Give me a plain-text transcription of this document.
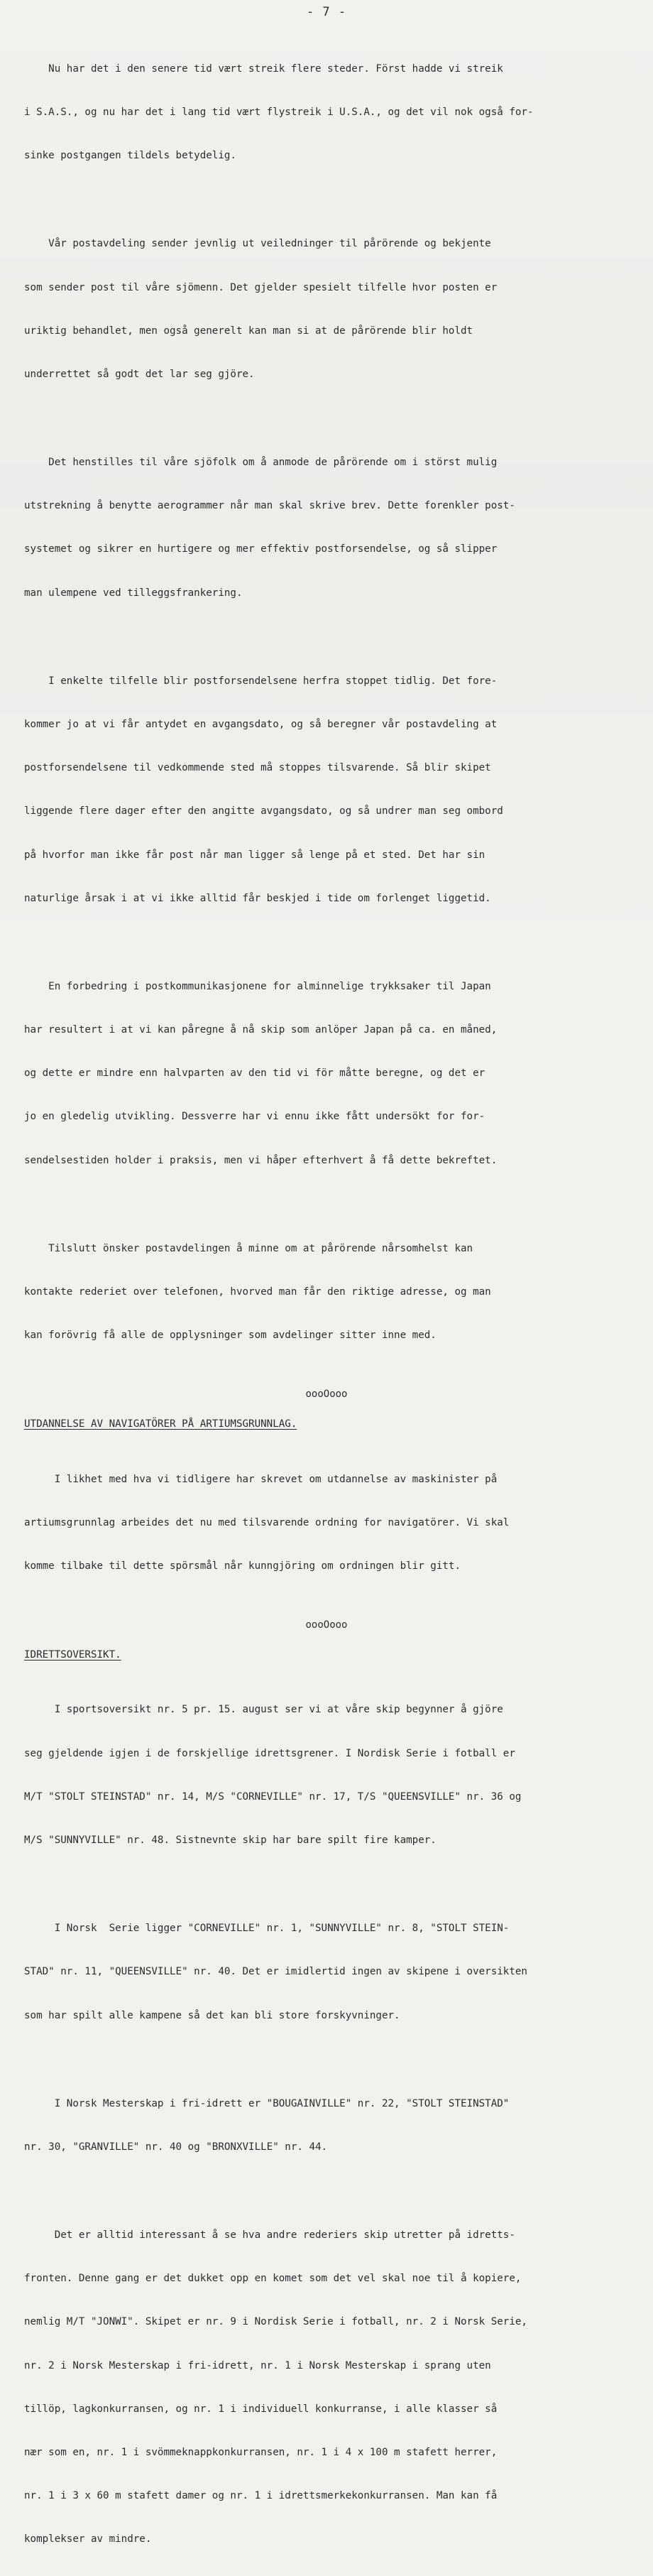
- 7 -

Nu har det i den senere tid vært streik flere steder. Först hadde vi streik

i S.A.S., og nu har det i lang tid vært flystreik i U.S.A., og det vil nok også for-

sinke postgangen tildels betydelig.

Vår postavdeling sender jevnlig ut veiledninger til pårörende og bekjente

som sender post til våre sjömenn. Det gjelder spesielt tilfelle hvor posten er

uriktig behandlet, men også generelt kan man si at de pårörende blir holdt

underrettet så godt det lar seg gjöre.

Det henstilles til våre sjöfolk om å anmode de pårörende om i störst mulig

utstrekning å benytte aerogrammer når man skal skrive brev. Dette forenkler post-

systemet og sikrer en hurtigere og mer effektiv postforsendelse, og så slipper

man ulempene ved tilleggsfrankering.

I enkelte tilfelle blir postforsendelsene herfra stoppet tidlig. Det fore-

kommer jo at vi får antydet en avgangsdato, og så beregner vår postavdeling at

postforsendelsene til vedkommende sted må stoppes tilsvarende. Så blir skipet

liggende flere dager efter den angitte avgangsdato, og så undrer man seg ombord

på hvorfor man ikke får post når man ligger så lenge på et sted. Det har sin

naturlige årsak i at vi ikke alltid får beskjed i tide om forlenget liggetid.

En forbedring i postkommunikasjonene for alminnelige trykksaker til Japan

har resultert i at vi kan påregne å nå skip som anlöper Japan på ca. en måned,

og dette er mindre enn halvparten av den tid vi för måtte beregne, og det er

jo en gledelig utvikling. Dessverre har vi ennu ikke fått undersökt for for-

sendelsestiden holder i praksis, men vi håper efterhvert å få dette bekreftet.

Tilslutt önsker postavdelingen å minne om at pårörende nårsomhelst kan

kontakte rederiet over telefonen, hvorved man får den riktige adresse, og man

kan forövrig få alle de opplysninger som avdelinger sitter inne med.

oooOooo
UTDANNELSE AV NAVIGATÖRER PÅ ARTIUMSGRUNNLAG.

I likhet med hva vi tidligere har skrevet om utdannelse av maskinister på

artiumsgrunnlag arbeides det nu med tilsvarende ordning for navigatörer. Vi skal

komme tilbake til dette spörsmål når kunngjöring om ordningen blir gitt.

oooOooo
IDRETTSOVERSIKT.

I sportsoversikt nr. 5 pr. 15. august ser vi at våre skip begynner å gjöre

seg gjeldende igjen i de forskjellige idrettsgrener. I Nordisk Serie i fotball er

M/T "STOLT STEINSTAD" nr. 14, M/S "CORNEVILLE" nr. 17, T/S "QUEENSVILLE" nr. 36 og

M/S "SUNNYVILLE" nr. 48. Sistnevnte skip har bare spilt fire kamper.

I Norsk  Serie ligger "CORNEVILLE" nr. 1, "SUNNYVILLE" nr. 8, "STOLT STEIN-

STAD" nr. 11, "QUEENSVILLE" nr. 40. Det er imidlertid ingen av skipene i oversikten

som har spilt alle kampene så det kan bli store forskyvninger.

I Norsk Mesterskap i fri-idrett er "BOUGAINVILLE" nr. 22, "STOLT STEINSTAD"

nr. 30, "GRANVILLE" nr. 40 og "BRONXVILLE" nr. 44.

Det er alltid interessant å se hva andre rederiers skip utretter på idretts-

fronten. Denne gang er det dukket opp en komet som det vel skal noe til å kopiere,

nemlig M/T "JONWI". Skipet er nr. 9 i Nordisk Serie i fotball, nr. 2 i Norsk Serie,

nr. 2 i Norsk Mesterskap i fri-idrett, nr. 1 i Norsk Mesterskap i sprang uten

tillöp, lagkonkurransen, og nr. 1 i individuell konkurranse, i alle klasser så

nær som en, nr. 1 i svömmeknappkonkurransen, nr. 1 i 4 x 100 m stafett herrer,

nr. 1 i 3 x 60 m stafett damer og nr. 1 i idrettsmerkekonkurransen. Man kan få

komplekser av mindre.
